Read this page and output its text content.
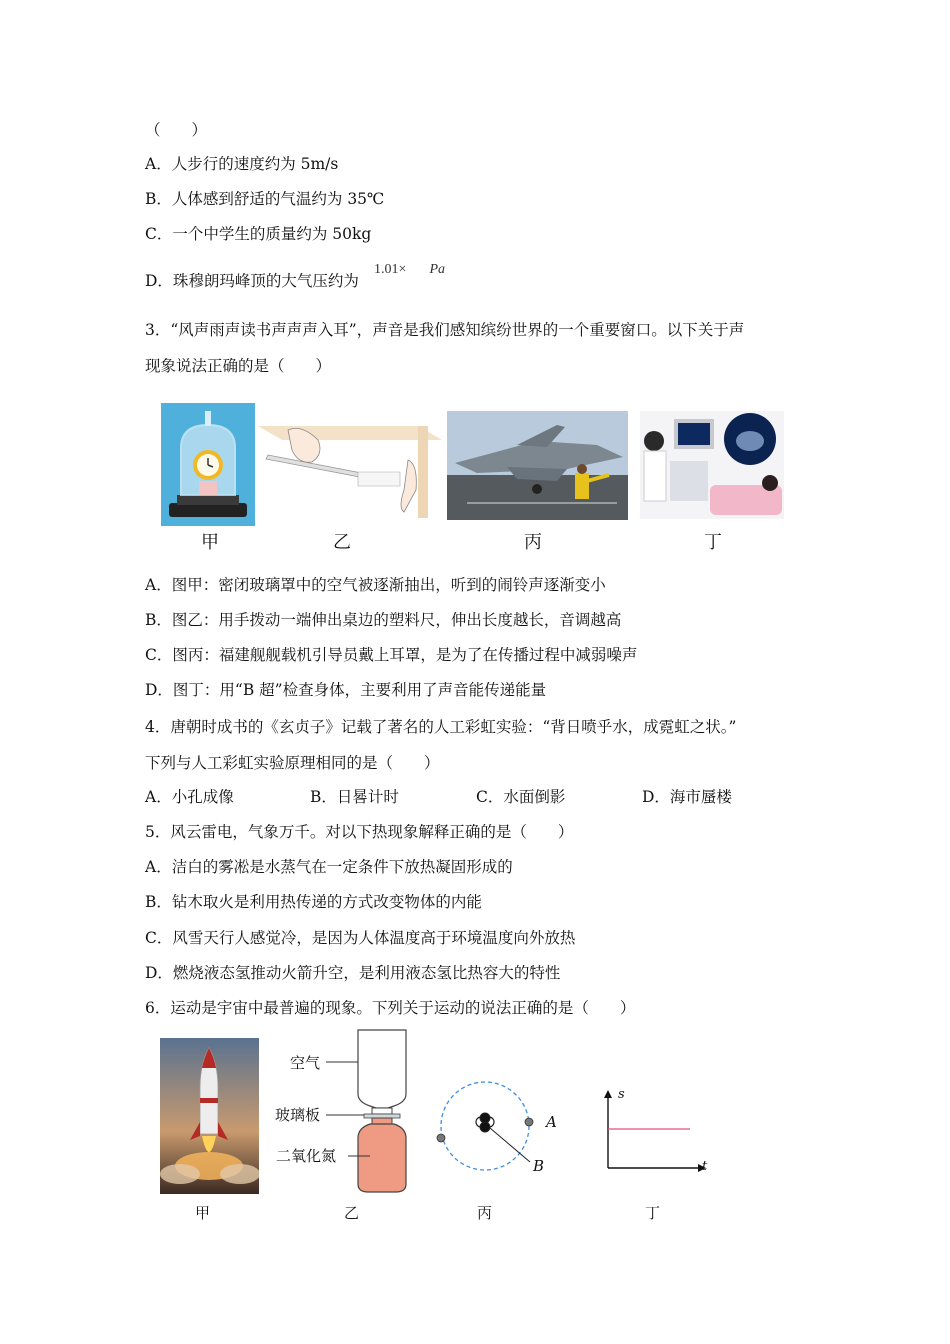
（　　）
A．人步行的速度约为 5m/s
B．人体感到舒适的气温约为 35℃
C．一个中学生的质量约为 50kg
D．珠穆朗玛峰顶的大气压约为
1.01× Pa
3．“风声雨声读书声声声入耳”，声音是我们感知缤纷世界的一个重要窗口。以下关于声
现象说法正确的是（　　）
甲	乙	丙	丁
A．图甲：密闭玻璃罩中的空气被逐渐抽出，听到的闹铃声逐渐变小
B．图乙：用手拨动一端伸出桌边的塑料尺，伸出长度越长，音调越高
C．图丙：福建舰舰载机引导员戴上耳罩，是为了在传播过程中减弱噪声
D．图丁：用“B 超”检查身体，主要利用了声音能传递能量
4．唐朝时成书的《玄贞子》记载了著名的人工彩虹实验：“背日喷乎水，成霓虹之状。”
下列与人工彩虹实验原理相同的是（　　）
A．小孔成像	B．日晷计时	C．水面倒影	D．海市蜃楼
5．风云雷电，气象万千。对以下热现象解释正确的是（　　）
A．洁白的雾凇是水蒸气在一定条件下放热凝固形成的
B．钻木取火是利用热传递的方式改变物体的内能
C．风雪天行人感觉冷，是因为人体温度高于环境温度向外放热
D．燃烧液态氢推动火箭升空，是利用液态氢比热容大的特性
6．运动是宇宙中最普遍的现象。下列关于运动的说法正确的是（　　）
空气
玻璃板
二氧化氮
A
B
s
t
甲	乙	丙	丁
